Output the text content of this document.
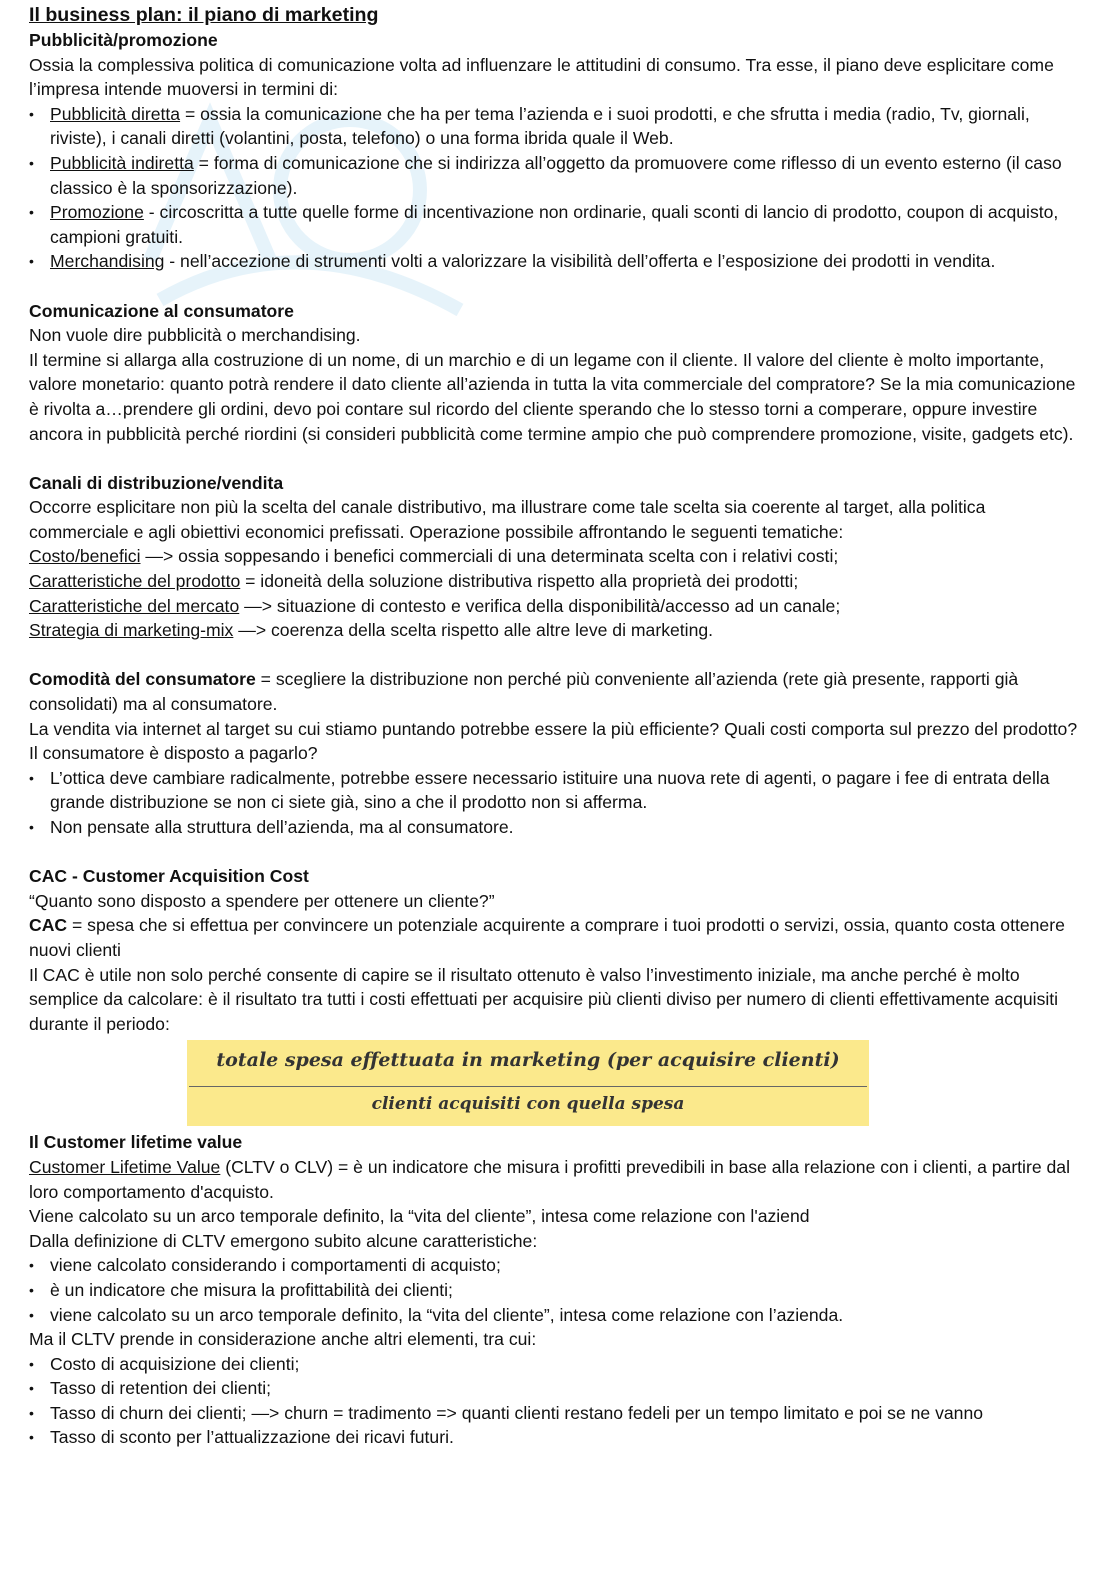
Il business plan: il piano di marketing
Pubblicità/promozione

Ossia la complessiva politica di comunicazione volta ad influenzare le attitudini di consumo. Tra esse, il piano deve esplicitare come l’impresa intende muoversi in termini di:

• Pubblicità diretta = ossia la comunicazione che ha per tema l’azienda e i suoi prodotti, e che sfrutta i media (radio, Tv, giornali, riviste), i canali diretti (volantini, posta, telefono) o una forma ibrida quale il Web.
• Pubblicità indiretta = forma di comunicazione che si indirizza all’oggetto da promuovere come riflesso di un evento esterno (il caso classico è la sponsorizzazione).
• Promozione - circoscritta a tutte quelle forme di incentivazione non ordinarie, quali sconti di lancio di prodotto, coupon di acquisto, campioni gratuiti.
• Merchandising - nell’accezione di strumenti volti a valorizzare la visibilità dell’offerta e l’esposizione dei prodotti in vendita.
Comunicazione al consumatore

Non vuole dire pubblicità o merchandising.

Il termine si allarga alla costruzione di un nome, di un marchio e di un legame con il cliente. Il valore del cliente è molto importante, valore monetario: quanto potrà rendere il dato cliente all’azienda in tutta la vita commerciale del compratore? Se la mia comunicazione è rivolta a…prendere gli ordini, devo poi contare sul ricordo del cliente sperando che lo stesso torni a comperare, oppure investire ancora in pubblicità perché riordini (si consideri pubblicità come termine ampio che può comprendere promozione, visite, gadgets etc).

Canali di distribuzione/vendita

Occorre esplicitare non più la scelta del canale distributivo, ma illustrare come tale scelta sia coerente al target, alla politica commerciale e agli obiettivi economici prefissati. Operazione possibile affrontando le seguenti tematiche:

Costo/benefici —> ossia soppesando i benefici commerciali di una determinata scelta con i relativi costi;

Caratteristiche del prodotto = idoneità della soluzione distributiva rispetto alla proprietà dei prodotti;

Caratteristiche del mercato —> situazione di contesto e verifica della disponibilità/accesso ad un canale;

Strategia di marketing-mix —> coerenza della scelta rispetto alle altre leve di marketing.

Comodità del consumatore = scegliere la distribuzione non perché più conveniente all’azienda (rete già presente, rapporti già consolidati) ma al consumatore.

La vendita via internet al target su cui stiamo puntando potrebbe essere la più efficiente? Quali costi comporta sul prezzo del prodotto? Il consumatore è disposto a pagarlo?

• L’ottica deve cambiare radicalmente, potrebbe essere necessario istituire una nuova rete di agenti, o pagare i fee di entrata della grande distribuzione se non ci siete già, sino a che il prodotto non si afferma.
• Non pensate alla struttura dell’azienda, ma al consumatore.
CAC - Customer Acquisition Cost

“Quanto sono disposto a spendere per ottenere un cliente?”

CAC = spesa che si effettua per convincere un potenziale acquirente a comprare i tuoi prodotti o servizi, ossia, quanto costa ottenere nuovi clienti

Il CAC è utile non solo perché consente di capire se il risultato ottenuto è valso l’investimento iniziale, ma anche perché è molto semplice da calcolare: è il risultato tra tutti i costi effettuati per acquisire più clienti diviso per numero di clienti effettivamente acquisiti durante il periodo:

totale spesa effettuata in marketing (per acquisire clienti)
clienti acquisiti con quella spesa
Il Customer lifetime value

Customer Lifetime Value (CLTV o CLV) = è un indicatore che misura i profitti prevedibili in base alla relazione con i clienti, a partire dal loro comportamento d'acquisto.

Viene calcolato su un arco temporale definito, la “vita del cliente”, intesa come relazione con l'aziend

Dalla definizione di CLTV emergono subito alcune caratteristiche:

• viene calcolato considerando i comportamenti di acquisto;
• è un indicatore che misura la profittabilità dei clienti;
• viene calcolato su un arco temporale definito, la “vita del cliente”, intesa come relazione con l’azienda.

Ma il CLTV prende in considerazione anche altri elementi, tra cui:

• Costo di acquisizione dei clienti;
• Tasso di retention dei clienti;
• Tasso di churn dei clienti; —> churn = tradimento => quanti clienti restano fedeli per un tempo limitato e poi se ne vanno
• Tasso di sconto per l’attualizzazione dei ricavi futuri.
